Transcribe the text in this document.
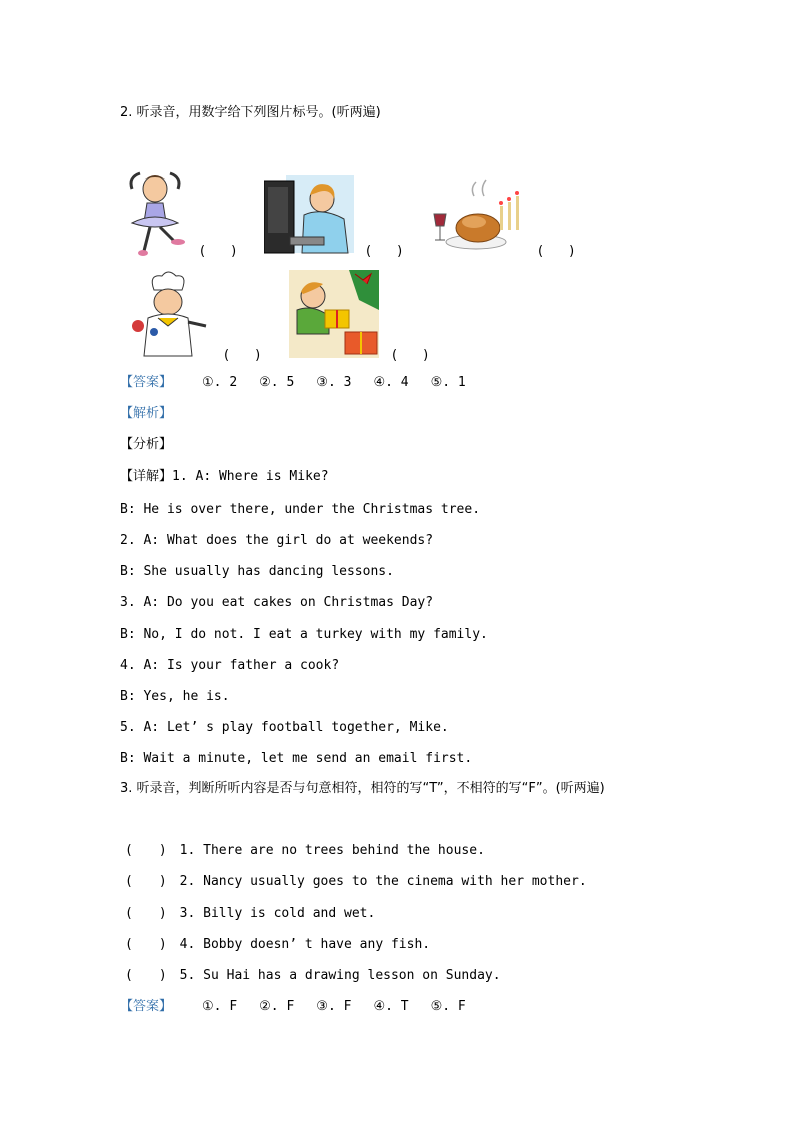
2. 听录音，用数字给下列图片标号。(听两遍)
(　　)	(　　)	(　　)
(　　)	(　　)
【答案】 ①. 2 ②. 5 ③. 3 ④. 4 ⑤. 1
【解析】
【分析】
【详解】1. A: Where is Mike?
B: He is over there, under the Christmas tree.
2. A: What does the girl do at weekends?
B: She usually has dancing lessons.
3. A: Do you eat cakes on Christmas Day?
B: No, I do not. I eat a turkey with my family.
4. A: Is your father a cook?
B: Yes, he is.
5. A: Let’ s play football together, Mike.
B: Wait a minute, let me send an email first.
3. 听录音，判断所听内容是否与句意相符，相符的写“T”，不相符的写“F”。(听两遍)
(　　)　1. There are no trees behind the house.
(　　)　2. Nancy usually goes to the cinema with her mother.
(　　)　3. Billy is cold and wet.
(　　)　4. Bobby doesn’ t have any fish.
(　　)　5. Su Hai has a drawing lesson on Sunday.
【答案】 ①. F ②. F ③. F ④. T ⑤. F
